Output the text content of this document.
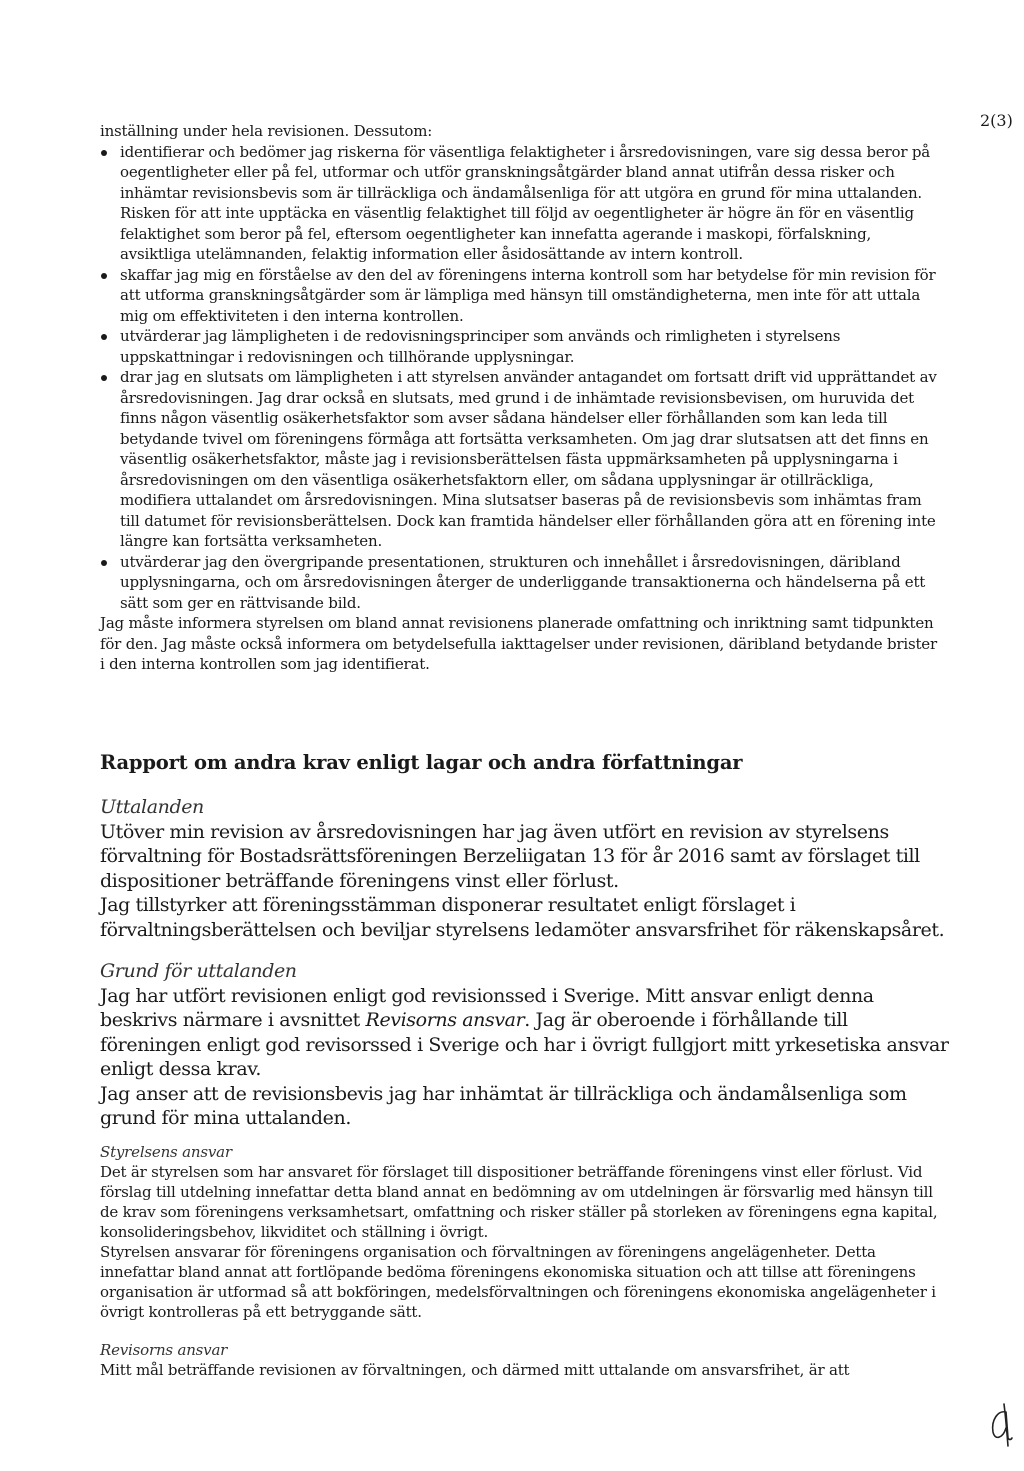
2(3)

inställning under hela revisionen. Dessutom:

identifierar och bedömer jag riskerna för väsentliga felaktigheter i årsredovisningen, vare sig dessa beror på oegentligheter eller på fel, utformar och utför granskningsåtgärder bland annat utifrån dessa risker och inhämtar revisionsbevis som är tillräckliga och ändamålsenliga för att utgöra en grund för mina uttalanden. Risken för att inte upptäcka en väsentlig felaktighet till följd av oegentligheter är högre än för en väsentlig felaktighet som beror på fel, eftersom oegentligheter kan innefatta agerande i maskopi, förfalskning, avsiktliga utelämnanden, felaktig information eller åsidosättande av intern kontroll.
skaffar jag mig en förståelse av den del av föreningens interna kontroll som har betydelse för min revision för att utforma granskningsåtgärder som är lämpliga med hänsyn till omständigheterna, men inte för att uttala mig om effektiviteten i den interna kontrollen.
utvärderar jag lämpligheten i de redovisningsprinciper som används och rimligheten i styrelsens uppskattningar i redovisningen och tillhörande upplysningar.
drar jag en slutsats om lämpligheten i att styrelsen använder antagandet om fortsatt drift vid upprättandet av årsredovisningen. Jag drar också en slutsats, med grund i de inhämtade revisionsbevisen, om huruvida det finns någon väsentlig osäkerhetsfaktor som avser sådana händelser eller förhållanden som kan leda till betydande tvivel om föreningens förmåga att fortsätta verksamheten. Om jag drar slutsatsen att det finns en väsentlig osäkerhetsfaktor, måste jag i revisionsberättelsen fästa uppmärksamheten på upplysningarna i årsredovisningen om den väsentliga osäkerhetsfaktorn eller, om sådana upplysningar är otillräckliga, modifiera uttalandet om årsredovisningen. Mina slutsatser baseras på de revisionsbevis som inhämtas fram till datumet för revisionsberättelsen. Dock kan framtida händelser eller förhållanden göra att en förening inte längre kan fortsätta verksamheten.
utvärderar jag den övergripande presentationen, strukturen och innehållet i årsredovisningen, däribland upplysningarna, och om årsredovisningen återger de underliggande transaktionerna och händelserna på ett sätt som ger en rättvisande bild.

Jag måste informera styrelsen om bland annat revisionens planerade omfattning och inriktning samt tidpunkten för den. Jag måste också informera om betydelsefulla iakttagelser under revisionen, däribland betydande brister i den interna kontrollen som jag identifierat.

Rapport om andra krav enligt lagar och andra författningar

Uttalanden

Utöver min revision av årsredovisningen har jag även utfört en revision av styrelsens förvaltning för Bostadsrättsföreningen Berzeliigatan 13 för år 2016 samt av förslaget till dispositioner beträffande föreningens vinst eller förlust.

Jag tillstyrker att föreningsstämman disponerar resultatet enligt förslaget i förvaltningsberättelsen och beviljar styrelsens ledamöter ansvarsfrihet för räkenskapsåret.

Grund för uttalanden

Jag har utfört revisionen enligt god revisionssed i Sverige. Mitt ansvar enligt denna beskrivs närmare i avsnittet Revisorns ansvar. Jag är oberoende i förhållande till föreningen enligt god revisorssed i Sverige och har i övrigt fullgjort mitt yrkesetiska ansvar enligt dessa krav.

Jag anser att de revisionsbevis jag har inhämtat är tillräckliga och ändamålsenliga som grund för mina uttalanden.

Styrelsens ansvar

Det är styrelsen som har ansvaret för förslaget till dispositioner beträffande föreningens vinst eller förlust. Vid förslag till utdelning innefattar detta bland annat en bedömning av om utdelningen är försvarlig med hänsyn till de krav som föreningens verksamhetsart, omfattning och risker ställer på storleken av föreningens egna kapital, konsolideringsbehov, likviditet och ställning i övrigt.

Styrelsen ansvarar för föreningens organisation och förvaltningen av föreningens angelägenheter. Detta innefattar bland annat att fortlöpande bedöma föreningens ekonomiska situation och att tillse att föreningens organisation är utformad så att bokföringen, medelsförvaltningen och föreningens ekonomiska angelägenheter i övrigt kontrolleras på ett betryggande sätt.

Revisorns ansvar

Mitt mål beträffande revisionen av förvaltningen, och därmed mitt uttalande om ansvarsfrihet, är att
